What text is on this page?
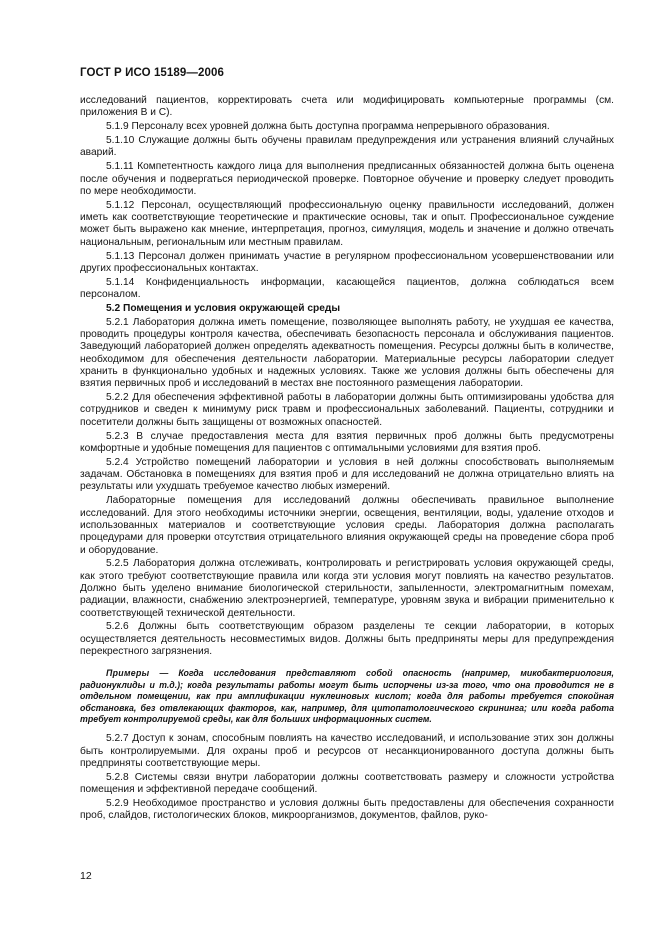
ГОСТ Р ИСО 15189—2006

исследований пациентов, корректировать счета или модифицировать компьютерные программы (см. приложения В и С).

5.1.9 Персоналу всех уровней должна быть доступна программа непрерывного образования.

5.1.10 Служащие должны быть обучены правилам предупреждения или устранения влияний случайных аварий.

5.1.11 Компетентность каждого лица для выполнения предписанных обязанностей должна быть оценена после обучения и подвергаться периодической проверке. Повторное обучение и проверку следует проводить по мере необходимости.

5.1.12 Персонал, осуществляющий профессиональную оценку правильности исследований, должен иметь как соответствующие теоретические и практические основы, так и опыт. Профессиональное суждение может быть выражено как мнение, интерпретация, прогноз, симуляция, модель и значение и должно отвечать национальным, региональным или местным правилам.

5.1.13 Персонал должен принимать участие в регулярном профессиональном усовершенствовании или других профессиональных контактах.

5.1.14 Конфиденциальность информации, касающейся пациентов, должна соблюдаться всем персоналом.

5.2 Помещения и условия окружающей среды

5.2.1 Лаборатория должна иметь помещение, позволяющее выполнять работу, не ухудшая ее качества, проводить процедуры контроля качества, обеспечивать безопасность персонала и обслуживания пациентов. Заведующий лабораторией должен определять адекватность помещения. Ресурсы должны быть в количестве, необходимом для обеспечения деятельности лаборатории. Материальные ресурсы лаборатории следует хранить в функционально удобных и надежных условиях. Также же условия должны быть обеспечены для взятия первичных проб и исследований в местах вне постоянного размещения лаборатории.

5.2.2 Для обеспечения эффективной работы в лаборатории должны быть оптимизированы удобства для сотрудников и сведен к минимуму риск травм и профессиональных заболеваний. Пациенты, сотрудники и посетители должны быть защищены от возможных опасностей.

5.2.3 В случае предоставления места для взятия первичных проб должны быть предусмотрены комфортные и удобные помещения для пациентов с оптимальными условиями для взятия проб.

5.2.4 Устройство помещений лаборатории и условия в ней должны способствовать выполняемым задачам. Обстановка в помещениях для взятия проб и для исследований не должна отрицательно влиять на результаты или ухудшать требуемое качество любых измерений.

Лабораторные помещения для исследований должны обеспечивать правильное выполнение исследований. Для этого необходимы источники энергии, освещения, вентиляции, воды, удаление отходов и использованных материалов и соответствующие условия среды. Лаборатория должна располагать процедурами для проверки отсутствия отрицательного влияния окружающей среды на проведение сбора проб и оборудование.

5.2.5 Лаборатория должна отслеживать, контролировать и регистрировать условия окружающей среды, как этого требуют соответствующие правила или когда эти условия могут повлиять на качество результатов. Должно быть уделено внимание биологической стерильности, запыленности, электромагнитным помехам, радиации, влажности, снабжению электроэнергией, температуре, уровням звука и вибрации применительно к соответствующей технической деятельности.

5.2.6 Должны быть соответствующим образом разделены те секции лаборатории, в которых осуществляется деятельность несовместимых видов. Должны быть предприняты меры для предупреждения перекрестного загрязнения.

Примеры — Когда исследования представляют собой опасность (например, микобактериология, радионуклиды и т.д.); когда результаты работы могут быть испорчены из-за того, что она проводится не в отдельном помещении, как при амплификации нуклеиновых кислот; когда для работы требуется спокойная обстановка, без отвлекающих факторов, как, например, для цитопатологического скрининга; или когда работа требует контролируемой среды, как для больших информационных систем.

5.2.7 Доступ к зонам, способным повлиять на качество исследований, и использование этих зон должны быть контролируемыми. Для охраны проб и ресурсов от несанкционированного доступа должны быть предприняты соответствующие меры.

5.2.8 Системы связи внутри лаборатории должны соответствовать размеру и сложности устройства помещения и эффективной передаче сообщений.

5.2.9 Необходимое пространство и условия должны быть предоставлены для обеспечения сохранности проб, слайдов, гистологических блоков, микроорганизмов, документов, файлов, руко-

12
